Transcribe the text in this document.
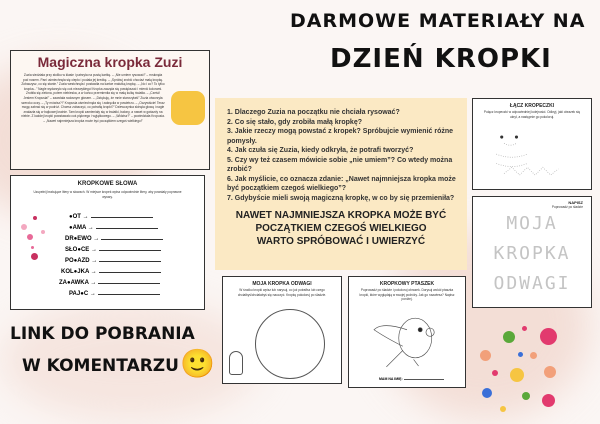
DARMOWE MATERIAŁY NA
DZIEŃ KROPKI
Magiczna kropka Zuzi
Zuzia siedziała przy stoliku w klasie i patrzyła na pustą kartkę. – „Nie umiem rysować!” – mruknęła pod nosem. Pani uśmiechnęła się ciepło i podała jej kredkę. – „Spróbuj zrobić chociaż małą kropkę. Zobaczysz, co się stanie.” Zuzia westchnęła i postawiła na kartce malutką kropkę. – „No i co? To tylko kropka...” Nagle wydarzyło się coś niezwykłego! Kropka zaczęła się powiększać i mienić kolorami. Zrobiła się zielona, potem niebieska, a w końcu przemieniła się w małą kulkę światła. – „Cześć! Jestem Kropusia!” – zawołała radosnym głosem. – „Dziękuję, że mnie stworzyłaś!” Zuzia otworzyła szeroko oczy. – „Ty mówisz?!” Kropusia uśmiechnęła się i zakręciła w powietrzu. – „Oczywiście! Teraz mogę zabrać się w podróż. Chcesz zobaczyć, co potrafią kropki?” Dziewczynka skinęła głową i nagle znalazła się w bajkowej krainie. Tam kropki zamieniały się w kwiatki, balony, a nawet w gwiazdy na niebie. Z każdej kropki powstawało coś pięknego i wyjątkowego. – „Widzisz?” – powiedziała Kropusia. – „Nawet najmniejsza kropka może być początkiem czegoś wielkiego!”
1. Dlaczego Zuzia na początku nie chciała rysować?
2. Co się stało, gdy zrobiła małą kropkę?
3. Jakie rzeczy mogą powstać z kropek? Spróbujcie wymienić różne pomysły.
4. Jak czuła się Zuzia, kiedy odkryła, że potrafi tworzyć?
5. Czy wy też czasem mówicie sobie „nie umiem”? Co wtedy można zrobić?
6. Jak myślicie, co oznacza zdanie: „Nawet najmniejsza kropka może być początkiem czegoś wielkiego”?
7. Gdybyście mieli swoją magiczną kropkę, w co by się przemieniła?
NAWET NAJMNIEJSZA KROPKA MOŻE BYĆ
POCZĄTKIEM CZEGOŚ WIELKIEGO
WARTO SPRÓBOWAĆ I UWIERZYĆ
KROPKOWE SŁOWA
Uzupełnij brakujące litery w słowach. W miejsce kropek wpisz odpowiednie litery, aby powstały poprawne wyrazy.
●OT →
●AMA →
DR●EWO →
SŁO●CE →
PO●AZD →
KOL●JKA →
ZA●AWKA →
PAJ●C →
ŁĄCZ KROPECZKI
Połącz kropeczki w odpowiedniej kolejności. Odkryj, jaki obrazek się ukrył, a następnie go pokoloruj.
NAPISZ
Poprowadź po śladzie
MOJA
KROPKA
ODWAGI
MOJA KROPKA ODWAGI
W środku kropki wpisz lub narysuj, co już potrafisz lub czego chciałbyś/chciałabyś się nauczyć. Kropkę pokoloruj po śladzie.
KROPKOWY PTASZEK
Poprowadź po śladzie i pokoloruj obrazek. Dorysuj wokół ptaszka kropki, które wyglądają w swojej podróży. Jak go nazwiesz? Napisz poniżej.
MAM NA IMIĘ:
LINK DO POBRANIA
W KOMENTARZU 🙂
